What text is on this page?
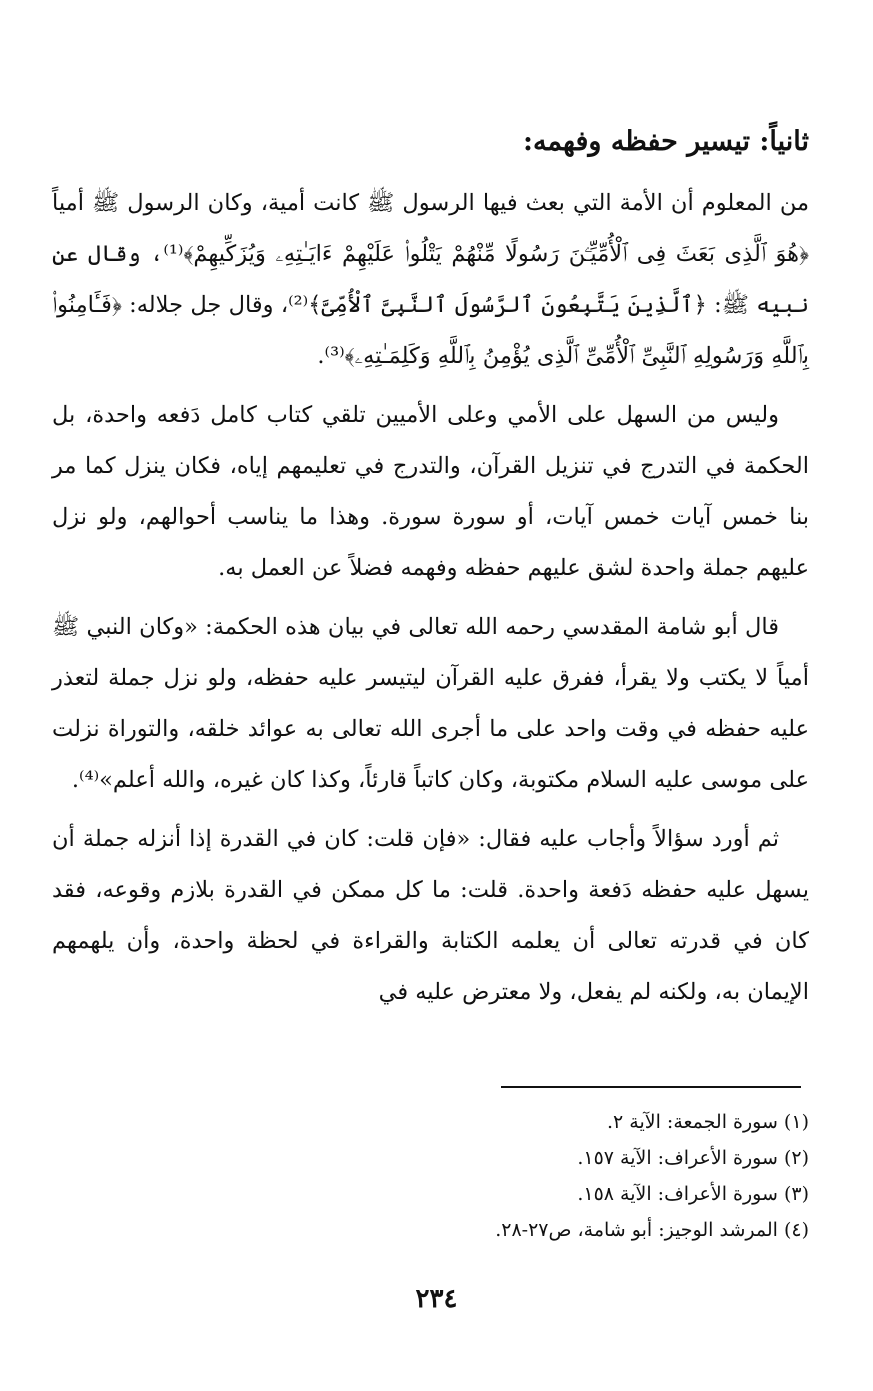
ثانياً: تيسير حفظه وفهمه:

من المعلوم أن الأمة التي بعث فيها الرسول ﷺ كانت أمية، وكان الرسول ﷺ أمياً ﴿هُوَ ٱلَّذِى بَعَثَ فِى ٱلْأُمِّيِّـۧنَ رَسُولًا مِّنْهُمْ يَتْلُوا۟ عَلَيْهِمْ ءَايَـٰتِهِۦ وَيُزَكِّيهِمْ﴾⁽¹⁾، وقال عن نبيه ﷺ: ﴿ٱلَّذِينَ يَتَّبِعُونَ ٱلرَّسُولَ ٱلنَّبِىَّ ٱلْأُمِّىَّ﴾⁽²⁾، وقال جل جلاله: ﴿فَـَٔامِنُوا۟ بِٱللَّهِ وَرَسُولِهِ ٱلنَّبِىِّ ٱلْأُمِّىِّ ٱلَّذِى يُؤْمِنُ بِٱللَّهِ وَكَلِمَـٰتِهِۦ﴾⁽³⁾.

وليس من السهل على الأمي وعلى الأميين تلقي كتاب كامل دَفعه واحدة، بل الحكمة في التدرج في تنزيل القرآن، والتدرج في تعليمهم إياه، فكان ينزل كما مر بنا خمس آيات خمس آيات، أو سورة سورة. وهذا ما يناسب أحوالهم، ولو نزل عليهم جملة واحدة لشق عليهم حفظه وفهمه فضلاً عن العمل به.

قال أبو شامة المقدسي رحمه الله تعالى في بيان هذه الحكمة: «وكان النبي ﷺ أمياً لا يكتب ولا يقرأ، ففرق عليه القرآن ليتيسر عليه حفظه، ولو نزل جملة لتعذر عليه حفظه في وقت واحد على ما أجرى الله تعالى به عوائد خلقه، والتوراة نزلت على موسى عليه السلام مكتوبة، وكان كاتباً قارئاً، وكذا كان غيره، والله أعلم»⁽⁴⁾.

ثم أورد سؤالاً وأجاب عليه فقال: «فإن قلت: كان في القدرة إذا أنزله جملة أن يسهل عليه حفظه دَفعة واحدة. قلت: ما كل ممكن في القدرة بلازم وقوعه، فقد كان في قدرته تعالى أن يعلمه الكتابة والقراءة في لحظة واحدة، وأن يلهمهم الإيمان به، ولكنه لم يفعل، ولا معترض عليه في

(١) سورة الجمعة: الآية ٢.

(٢) سورة الأعراف: الآية ١٥٧.

(٣) سورة الأعراف: الآية ١٥٨.

(٤) المرشد الوجيز: أبو شامة، ص٢٧-٢٨.

٢٣٤
